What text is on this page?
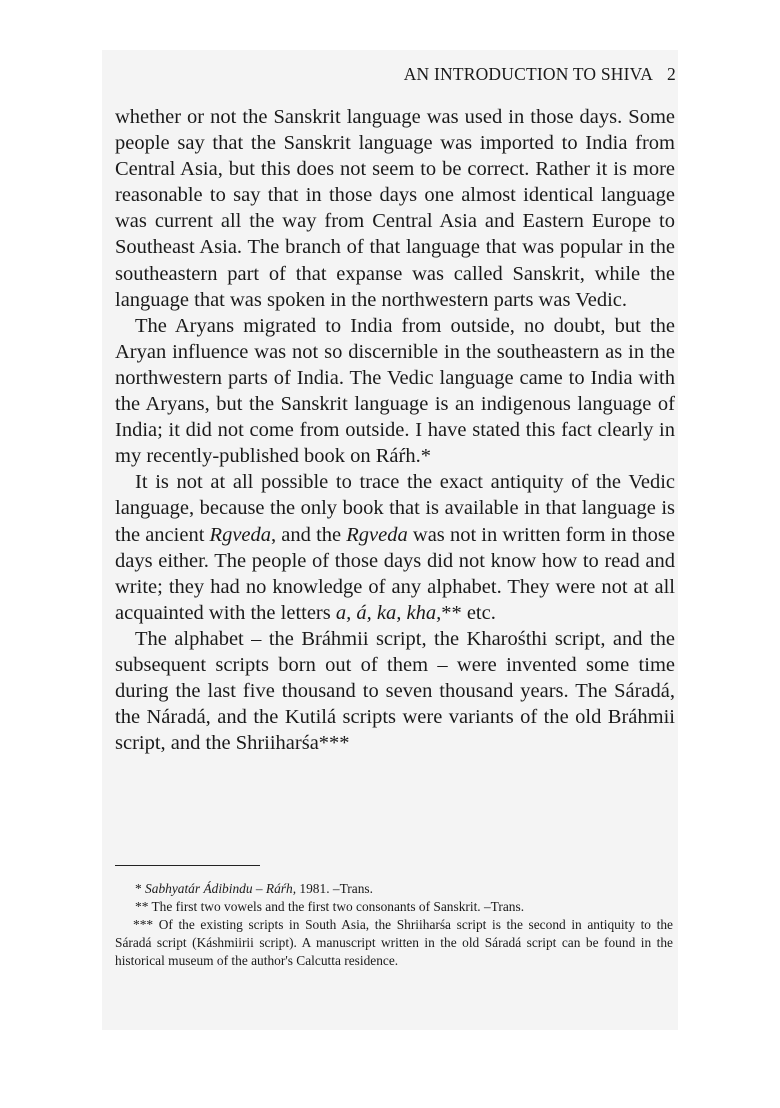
AN INTRODUCTION TO SHIVA 2

whether or not the Sanskrit language was used in those days. Some people say that the Sanskrit language was imported to India from Central Asia, but this does not seem to be correct. Rather it is more reasonable to say that in those days one almost identical language was current all the way from Central Asia and Eastern Europe to Southeast Asia. The branch of that language that was popular in the southeastern part of that expanse was called Sanskrit, while the language that was spoken in the northwestern parts was Vedic.

The Aryans migrated to India from outside, no doubt, but the Aryan influence was not so discernible in the southeastern as in the northwestern parts of India. The Vedic language came to India with the Aryans, but the Sanskrit language is an indigenous language of India; it did not come from outside. I have stated this fact clearly in my recently-published book on Ráŕh.*

It is not at all possible to trace the exact antiquity of the Vedic language, because the only book that is available in that language is the ancient Rgveda, and the Rgveda was not in written form in those days either. The people of those days did not know how to read and write; they had no knowledge of any alphabet. They were not at all acquainted with the letters a, á, ka, kha,** etc.

The alphabet – the Bráhmii script, the Kharośthi script, and the subsequent scripts born out of them – were invented some time during the last five thousand to seven thousand years. The Sáradá, the Náradá, and the Kutilá scripts were variants of the old Bráhmii script, and the Shriiharśa***

* Sabhyatár Ádibindu – Ráŕh, 1981. –Trans.

** The first two vowels and the first two consonants of Sanskrit. –Trans.

*** Of the existing scripts in South Asia, the Shriiharśa script is the second in antiquity to the Sáradá script (Káshmiirii script). A manuscript written in the old Sáradá script can be found in the historical museum of the author's Calcutta residence.
